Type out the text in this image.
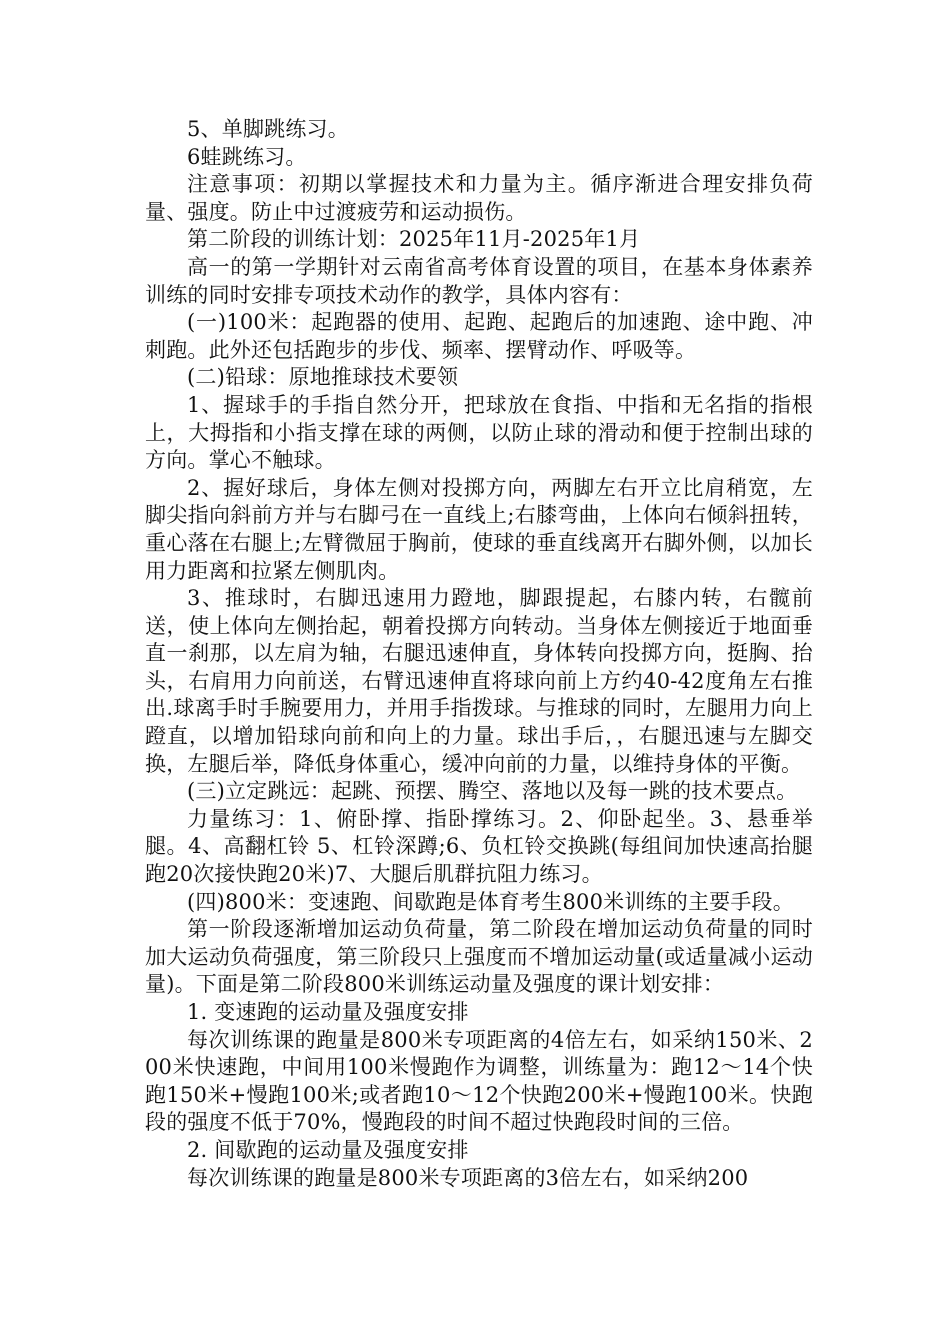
5、单脚跳练习。

6蛙跳练习。

注意事项：初期以掌握技术和力量为主。循序渐进合理安排负荷量、强度。防止中过渡疲劳和运动损伤。

第二阶段的训练计划：2025年11月-2025年1月

高一的第一学期针对云南省高考体育设置的项目，在基本身体素养训练的同时安排专项技术动作的教学，具体内容有：

(一)100米：起跑器的使用、起跑、起跑后的加速跑、途中跑、冲刺跑。此外还包括跑步的步伐、频率、摆臂动作、呼吸等。

(二)铅球：原地推球技术要领

1、握球手的手指自然分开，把球放在食指、中指和无名指的指根上，大拇指和小指支撑在球的两侧，以防止球的滑动和便于控制出球的方向。掌心不触球。

2、握好球后，身体左侧对投掷方向，两脚左右开立比肩稍宽，左脚尖指向斜前方并与右脚弓在一直线上;右膝弯曲，上体向右倾斜扭转，重心落在右腿上;左臂微屈于胸前，使球的垂直线离开右脚外侧，以加长用力距离和拉紧左侧肌肉。

3、推球时，右脚迅速用力蹬地，脚跟提起，右膝内转，右髋前送，使上体向左侧抬起，朝着投掷方向转动。当身体左侧接近于地面垂直一刹那，以左肩为轴，右腿迅速伸直，身体转向投掷方向，挺胸、抬头，右肩用力向前送，右臂迅速伸直将球向前上方约40-42度角左右推出.球离手时手腕要用力，并用手指拨球。与推球的同时，左腿用力向上蹬直，以增加铅球向前和向上的力量。球出手后，，右腿迅速与左脚交换，左腿后举，降低身体重心，缓冲向前的力量，以维持身体的平衡。

(三)立定跳远：起跳、预摆、腾空、落地以及每一跳的技术要点。

力量练习：1、俯卧撑、指卧撑练习。2、仰卧起坐。3、悬垂举腿。4、高翻杠铃 5、杠铃深蹲;6、负杠铃交换跳(每组间加快速高抬腿跑20次接快跑20米)7、大腿后肌群抗阻力练习。

(四)800米：变速跑、间歇跑是体育考生800米训练的主要手段。

第一阶段逐渐增加运动负荷量，第二阶段在增加运动负荷量的同时加大运动负荷强度，第三阶段只上强度而不增加运动量(或适量减小运动量)。下面是第二阶段800米训练运动量及强度的课计划安排：

1. 变速跑的运动量及强度安排

每次训练课的跑量是800米专项距离的4倍左右，如采纳150米、200米快速跑，中间用100米慢跑作为调整，训练量为：跑12～14个快跑150米+慢跑100米;或者跑10～12个快跑200米+慢跑100米。快跑段的强度不低于70%，慢跑段的时间不超过快跑段时间的三倍。

2. 间歇跑的运动量及强度安排

每次训练课的跑量是800米专项距离的3倍左右，如采纳200
